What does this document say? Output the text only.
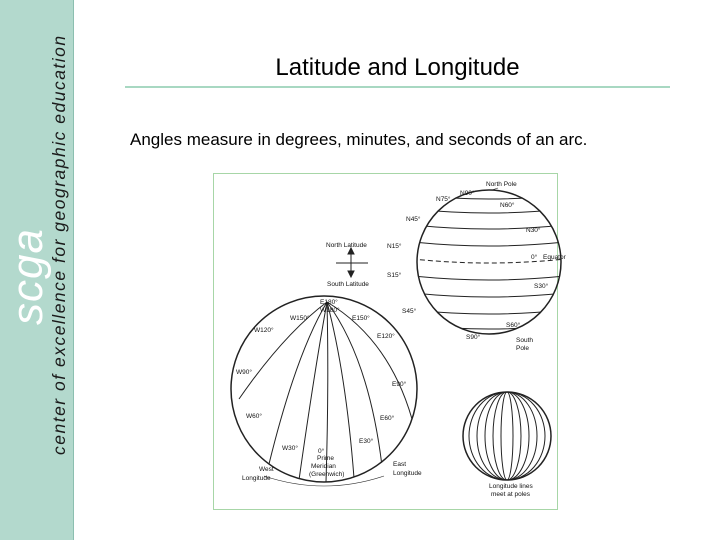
scga
center of excellence for geographic education	Latitude and Longitude
Angles measure in degrees, minutes, and seconds of an arc.
North Pole
N90°
N75°
N60°
N45°
N30°
N15°
0° Equator
S15°
S30°
S45°
S60°
S90°	South
Pole
North Latitude
South Latitude
E180°
W180°
W150°	E150°
W120°
E120°
W90°
E90°
W60°	E60°
W30°
E30°
0°
Prime
Meridian
(Greenwich)
West
Longitude
East
Longitude
Longitude lines
meet at poles
